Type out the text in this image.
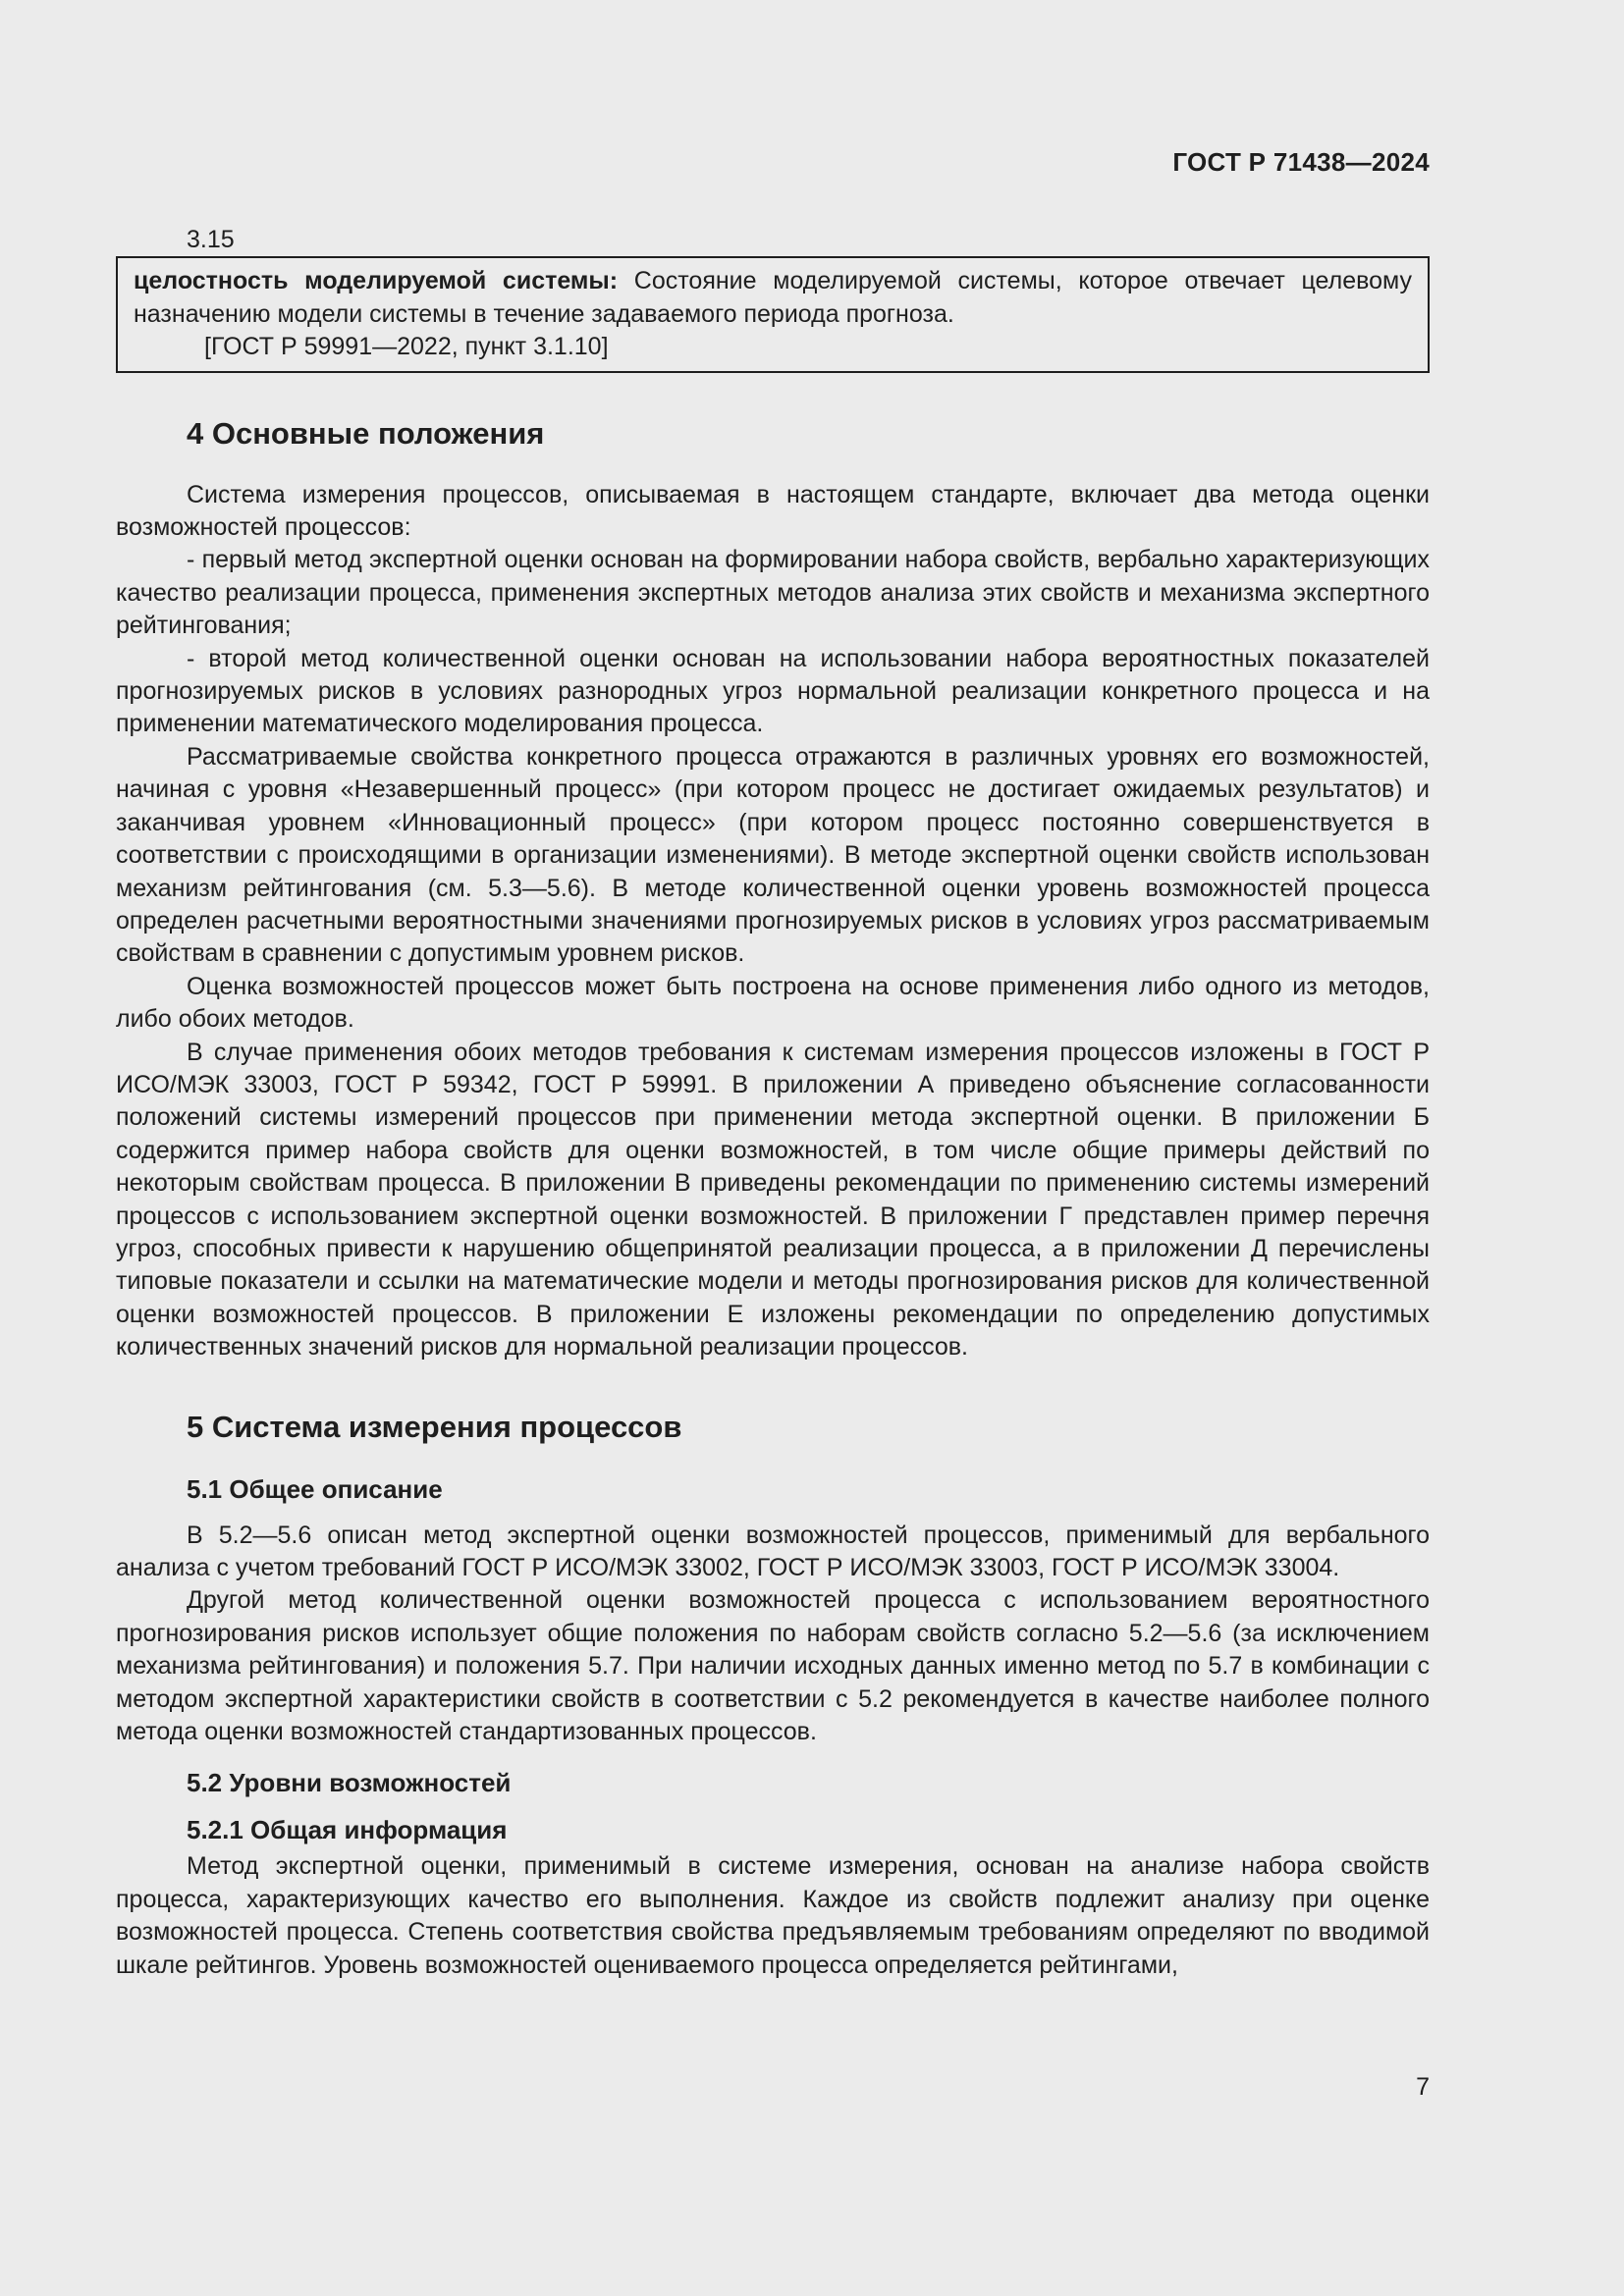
ГОСТ Р 71438—2024

3.15

целостность моделируемой системы: Состояние моделируемой системы, которое отвечает целевому назначению модели системы в течение задаваемого периода прогноза.

[ГОСТ Р 59991—2022, пункт 3.1.10]

4 Основные положения

Система измерения процессов, описываемая в настоящем стандарте, включает два метода оценки возможностей процессов:

- первый метод экспертной оценки основан на формировании набора свойств, вербально характеризующих качество реализации процесса, применения экспертных методов анализа этих свойств и механизма экспертного рейтингования;

- второй метод количественной оценки основан на использовании набора вероятностных показателей прогнозируемых рисков в условиях разнородных угроз нормальной реализации конкретного процесса и на применении математического моделирования процесса.

Рассматриваемые свойства конкретного процесса отражаются в различных уровнях его возможностей, начиная с уровня «Незавершенный процесс» (при котором процесс не достигает ожидаемых результатов) и заканчивая уровнем «Инновационный процесс» (при котором процесс постоянно совершенствуется в соответствии с происходящими в организации изменениями). В методе экспертной оценки свойств использован механизм рейтингования (см. 5.3—5.6). В методе количественной оценки уровень возможностей процесса определен расчетными вероятностными значениями прогнозируемых рисков в условиях угроз рассматриваемым свойствам в сравнении с допустимым уровнем рисков.

Оценка возможностей процессов может быть построена на основе применения либо одного из методов, либо обоих методов.

В случае применения обоих методов требования к системам измерения процессов изложены в ГОСТ Р ИСО/МЭК 33003, ГОСТ Р 59342, ГОСТ Р 59991. В приложении А приведено объяснение согласованности положений системы измерений процессов при применении метода экспертной оценки. В приложении Б содержится пример набора свойств для оценки возможностей, в том числе общие примеры действий по некоторым свойствам процесса. В приложении В приведены рекомендации по применению системы измерений процессов с использованием экспертной оценки возможностей. В приложении Г представлен пример перечня угроз, способных привести к нарушению общепринятой реализации процесса, а в приложении Д перечислены типовые показатели и ссылки на математические модели и методы прогнозирования рисков для количественной оценки возможностей процессов. В приложении Е изложены рекомендации по определению допустимых количественных значений рисков для нормальной реализации процессов.

5 Система измерения процессов
5.1 Общее описание

В 5.2—5.6 описан метод экспертной оценки возможностей процессов, применимый для вербального анализа с учетом требований ГОСТ Р ИСО/МЭК 33002, ГОСТ Р ИСО/МЭК 33003, ГОСТ Р ИСО/МЭК 33004.

Другой метод количественной оценки возможностей процесса с использованием вероятностного прогнозирования рисков использует общие положения по наборам свойств согласно 5.2—5.6 (за исключением механизма рейтингования) и положения 5.7. При наличии исходных данных именно метод по 5.7 в комбинации с методом экспертной характеристики свойств в соответствии с 5.2 рекомендуется в качестве наиболее полного метода оценки возможностей стандартизованных процессов.

5.2 Уровни возможностей
5.2.1 Общая информация

Метод экспертной оценки, применимый в системе измерения, основан на анализе набора свойств процесса, характеризующих качество его выполнения. Каждое из свойств подлежит анализу при оценке возможностей процесса. Степень соответствия свойства предъявляемым требованиям определяют по вводимой шкале рейтингов. Уровень возможностей оцениваемого процесса определяется рейтингами,

7
